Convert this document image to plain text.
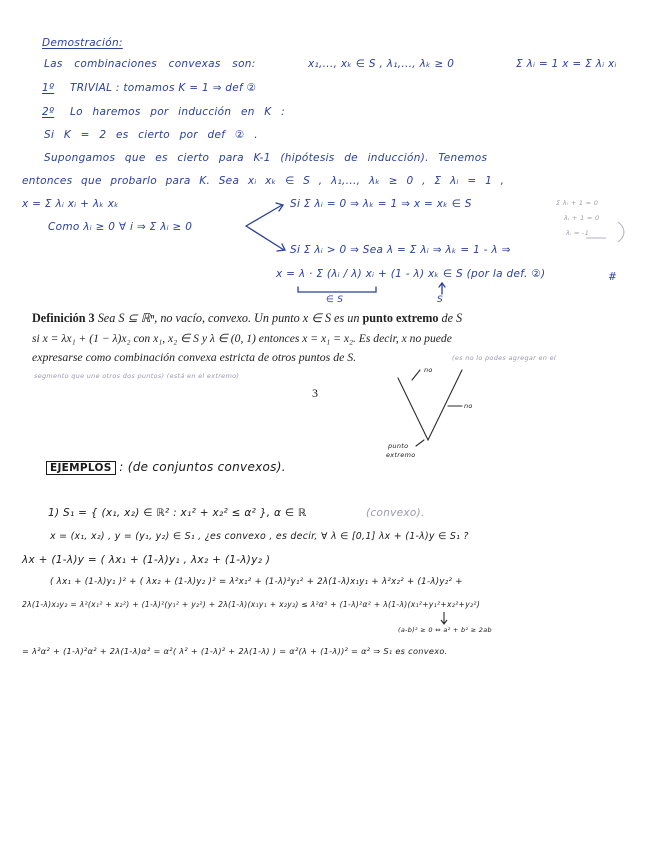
Demostración:
Las combinaciones convexas son:	x₁,..., xₖ ∈ S , λ₁,..., λₖ ≥ 0	Σ λᵢ = 1 x = Σ λᵢ xᵢ
1º TRIVIAL : tomamos K = 1 ⇒ def ②
2º Lo haremos por inducción en K :
Si K = 2 es cierto por def ② .
Supongamos que es cierto para K-1 (hipótesis de inducción). Tenemos
entonces que probarlo para K. Sea xᵢ xₖ ∈ S , λ₁,..., λₖ ≥ 0 , Σ λᵢ = 1 ,
x = Σ λᵢ xᵢ + λₖ xₖ	Si Σ λᵢ = 0 ⇒ λₖ = 1 ⇒ x = xₖ ∈ S
Como λᵢ ≥ 0 ∀ i ⇒ Σ λᵢ ≥ 0
Si Σ λᵢ > 0 ⇒ Sea λ = Σ λᵢ ⇒ λₖ = 1 - λ ⇒
x = λ · Σ (λᵢ / λ) xᵢ + (1 - λ) xₖ ∈ S (por la def. ②)	#
∈ S	S
Σ λᵢ + 1 = 0
λᵢ + 1 = 0
λᵢ = -1
Definición 3 Sea S ⊆ ℝⁿ, no vacío, convexo. Un punto x ∈ S es un punto extremo de S
si x = λx₁ + (1 − λ)x₂ con x₁, x₂ ∈ S y λ ∈ (0, 1) entonces x = x₁ = x₂. Es decir, x no puede
expresarse como combinación convexa estricta de otros puntos de S.	(es no lo podes agregar en el
segmento que une otros dos puntos) (está en el extremo)
3
punto
extremo
no
no
EJEMPLOS : (de conjuntos convexos).
1) S₁ = { (x₁, x₂) ∈ ℝ² : x₁² + x₂² ≤ α² }, α ∈ ℝ	(convexo).
x = (x₁, x₂) , y = (y₁, y₂) ∈ S₁ , ¿es convexo , es decir, ∀ λ ∈ [0,1] λx + (1-λ)y ∈ S₁ ?
λx + (1-λ)y = ( λx₁ + (1-λ)y₁ , λx₂ + (1-λ)y₂ )
( λx₁ + (1-λ)y₁ )² + ( λx₂ + (1-λ)y₂ )² = λ²x₁² + (1-λ)²y₁² + 2λ(1-λ)x₁y₁ + λ²x₂² + (1-λ)y₂² +
2λ(1-λ)x₂y₂ = λ²(x₁² + x₂²) + (1-λ)²(y₁² + y₂²) + 2λ(1-λ)(x₁y₁ + x₂y₂) ≤ λ²α² + (1-λ)²α² + λ(1-λ)(x₁²+y₁²+x₂²+y₂²)
(a-b)² ≥ 0 ⇔ a² + b² ≥ 2ab
= λ²α² + (1-λ)²α² + 2λ(1-λ)α² = α²( λ² + (1-λ)² + 2λ(1-λ) ) = α²(λ + (1-λ))² = α² ⇒ S₁ es convexo.
